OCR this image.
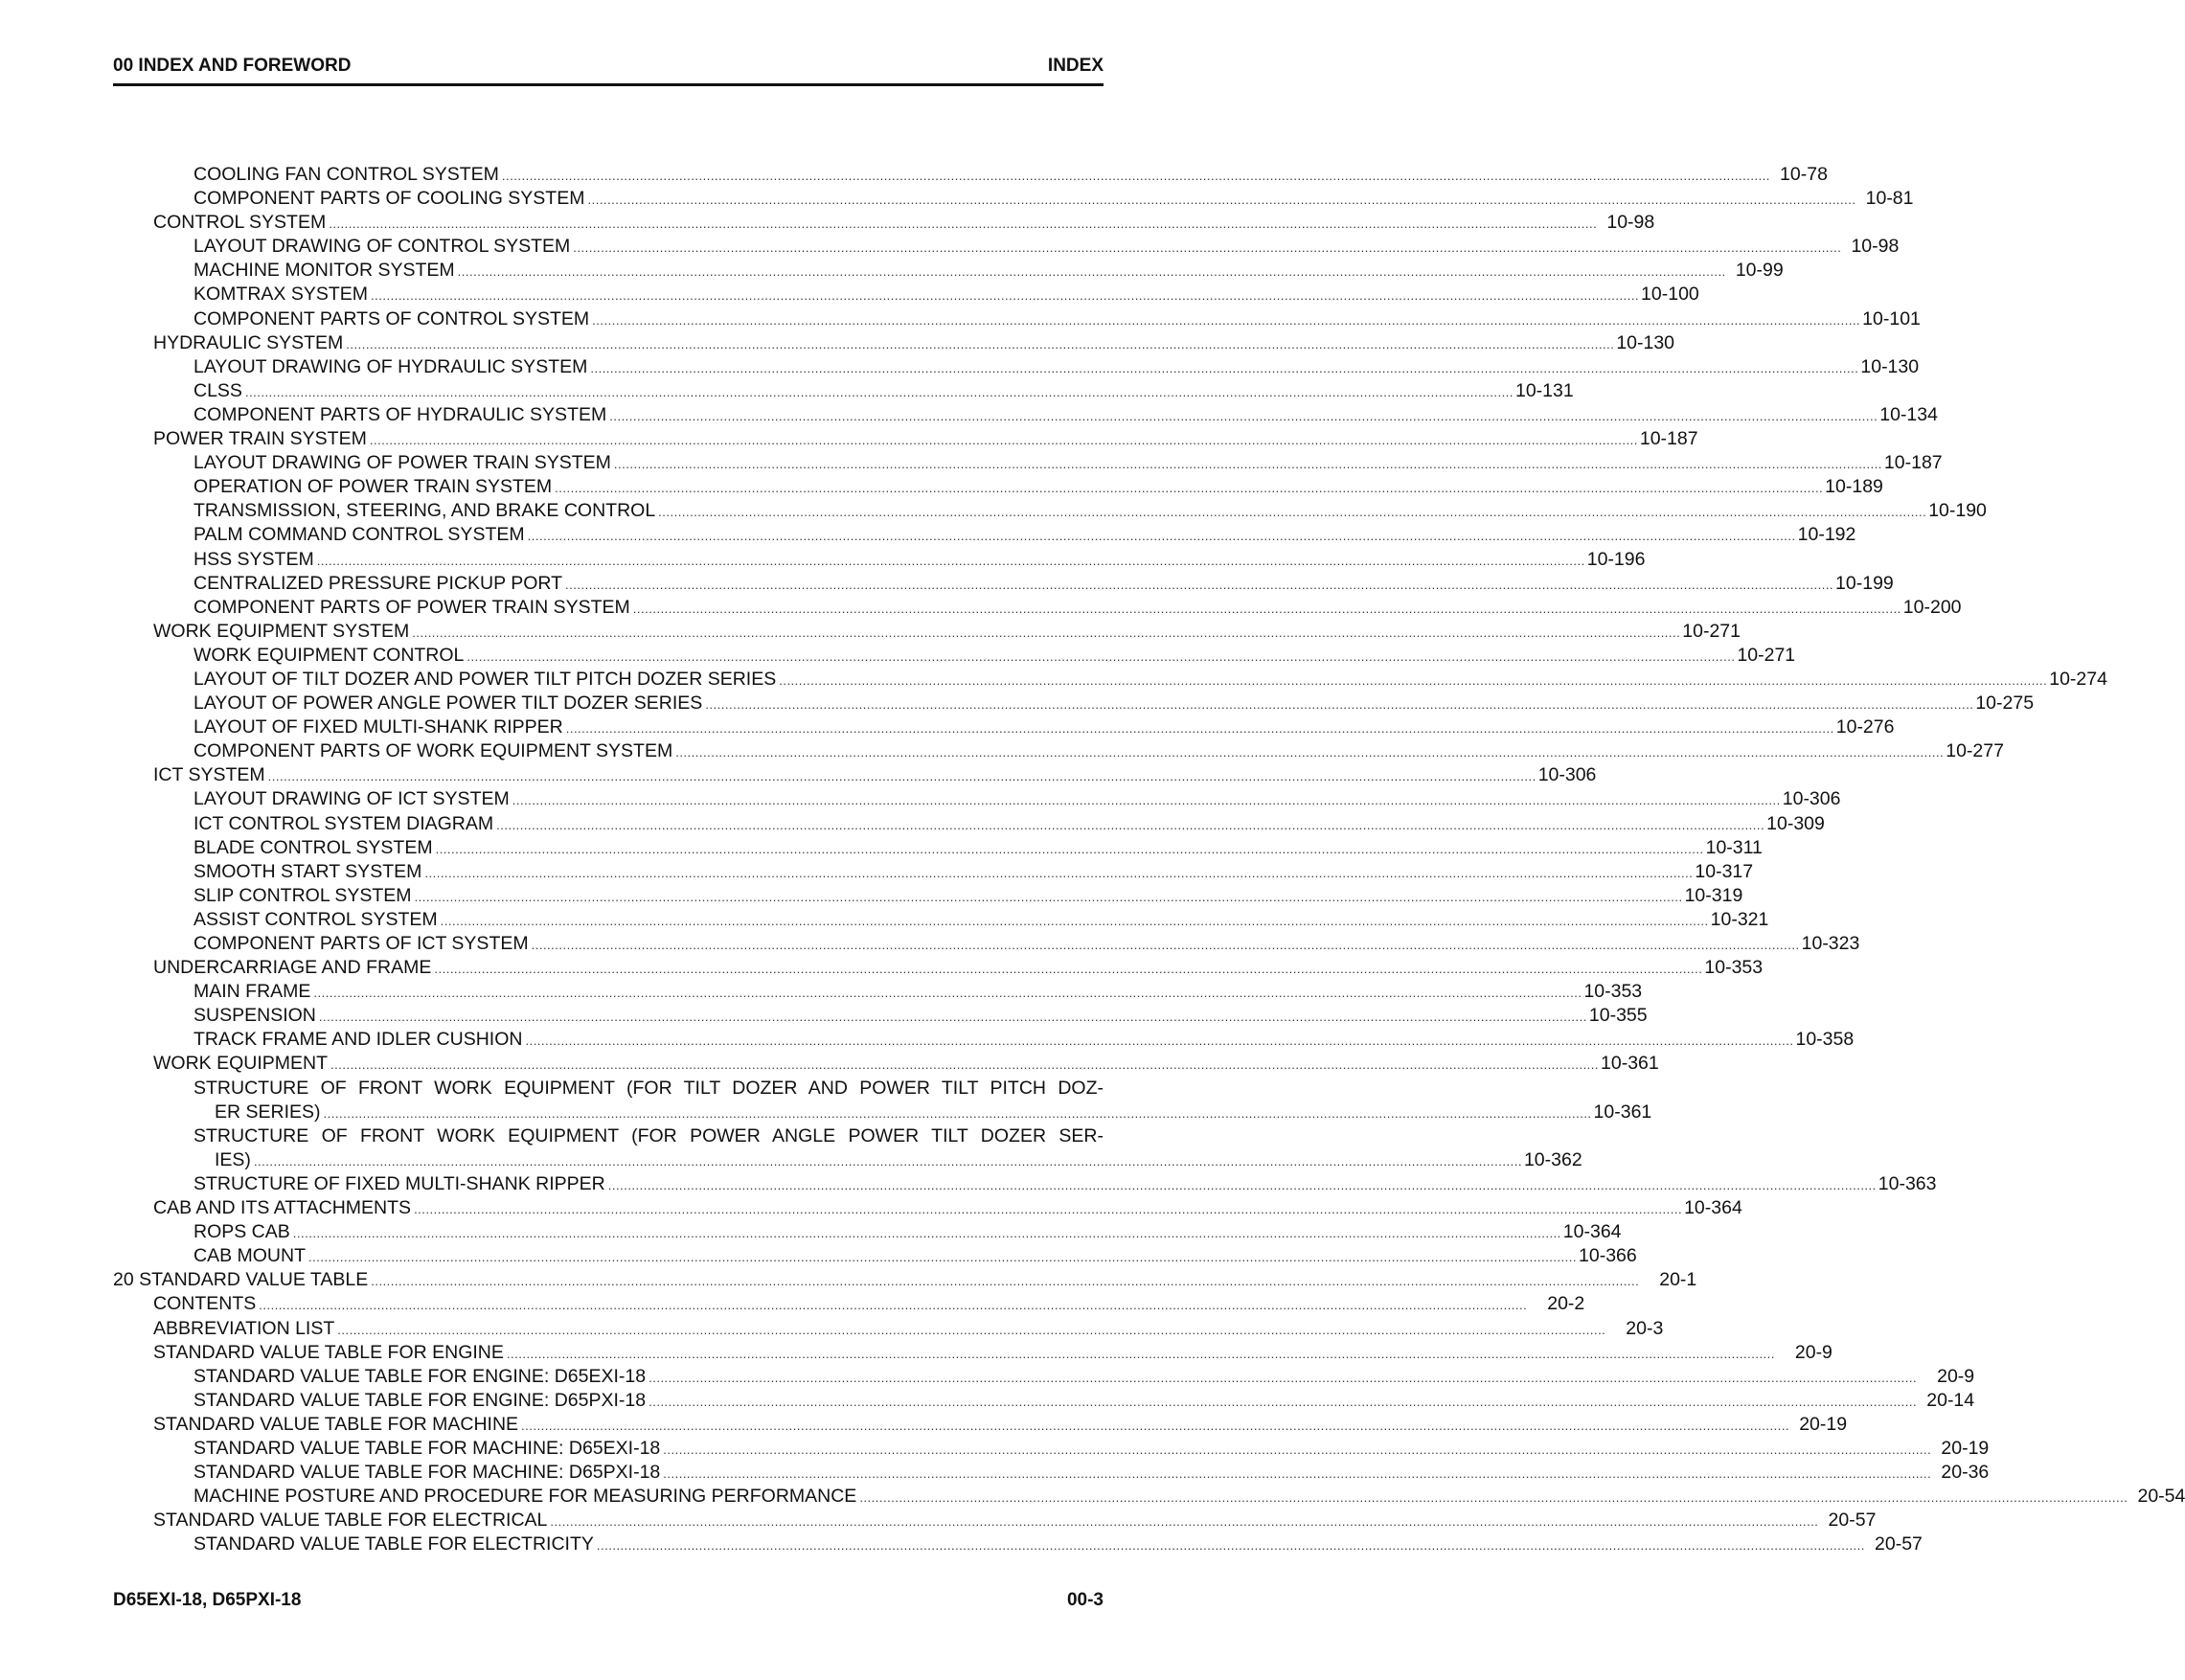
00 INDEX AND FOREWORD	INDEX
COOLING FAN CONTROL SYSTEM .....	10-78
COMPONENT PARTS OF COOLING SYSTEM .....	10-81
CONTROL SYSTEM .....	10-98
LAYOUT DRAWING OF CONTROL SYSTEM .....	10-98
MACHINE MONITOR SYSTEM .....	10-99
KOMTRAX SYSTEM .....	10-100
COMPONENT PARTS OF CONTROL SYSTEM .....	10-101
HYDRAULIC SYSTEM .....	10-130
LAYOUT DRAWING OF HYDRAULIC SYSTEM .....	10-130
CLSS .....	10-131
COMPONENT PARTS OF HYDRAULIC SYSTEM .....	10-134
POWER TRAIN SYSTEM .....	10-187
LAYOUT DRAWING OF POWER TRAIN SYSTEM .....	10-187
OPERATION OF POWER TRAIN SYSTEM .....	10-189
TRANSMISSION, STEERING, AND BRAKE CONTROL .....	10-190
PALM COMMAND CONTROL SYSTEM .....	10-192
HSS SYSTEM .....	10-196
CENTRALIZED PRESSURE PICKUP PORT .....	10-199
COMPONENT PARTS OF POWER TRAIN SYSTEM .....	10-200
WORK EQUIPMENT SYSTEM .....	10-271
WORK EQUIPMENT CONTROL .....	10-271
LAYOUT OF TILT DOZER AND POWER TILT PITCH DOZER SERIES .....	10-274
LAYOUT OF POWER ANGLE POWER TILT DOZER SERIES .....	10-275
LAYOUT OF FIXED MULTI-SHANK RIPPER .....	10-276
COMPONENT PARTS OF WORK EQUIPMENT SYSTEM .....	10-277
ICT SYSTEM .....	10-306
LAYOUT DRAWING OF ICT SYSTEM .....	10-306
ICT CONTROL SYSTEM DIAGRAM .....	10-309
BLADE CONTROL SYSTEM .....	10-311
SMOOTH START SYSTEM .....	10-317
SLIP CONTROL SYSTEM .....	10-319
ASSIST CONTROL SYSTEM .....	10-321
COMPONENT PARTS OF ICT SYSTEM .....	10-323
UNDERCARRIAGE AND FRAME .....	10-353
MAIN FRAME .....	10-353
SUSPENSION .....	10-355
TRACK FRAME AND IDLER CUSHION .....	10-358
WORK EQUIPMENT .....	10-361
STRUCTURE OF FRONT WORK EQUIPMENT (FOR TILT DOZER AND POWER TILT PITCH DOZ-
ER SERIES) .....	10-361
STRUCTURE OF FRONT WORK EQUIPMENT (FOR POWER ANGLE POWER TILT DOZER SER-
IES) .....	10-362
STRUCTURE OF FIXED MULTI-SHANK RIPPER .....	10-363
CAB AND ITS ATTACHMENTS .....	10-364
ROPS CAB .....	10-364
CAB MOUNT .....	10-366
20 STANDARD VALUE TABLE .....	20-1
CONTENTS .....	20-2
ABBREVIATION LIST .....	20-3
STANDARD VALUE TABLE FOR ENGINE .....	20-9
STANDARD VALUE TABLE FOR ENGINE: D65EXI-18 .....	20-9
STANDARD VALUE TABLE FOR ENGINE: D65PXI-18 .....	20-14
STANDARD VALUE TABLE FOR MACHINE .....	20-19
STANDARD VALUE TABLE FOR MACHINE: D65EXI-18 .....	20-19
STANDARD VALUE TABLE FOR MACHINE: D65PXI-18 .....	20-36
MACHINE POSTURE AND PROCEDURE FOR MEASURING PERFORMANCE .....	20-54
STANDARD VALUE TABLE FOR ELECTRICAL .....	20-57
STANDARD VALUE TABLE FOR ELECTRICITY .....	20-57
D65EXI-18, D65PXI-18	00-3
